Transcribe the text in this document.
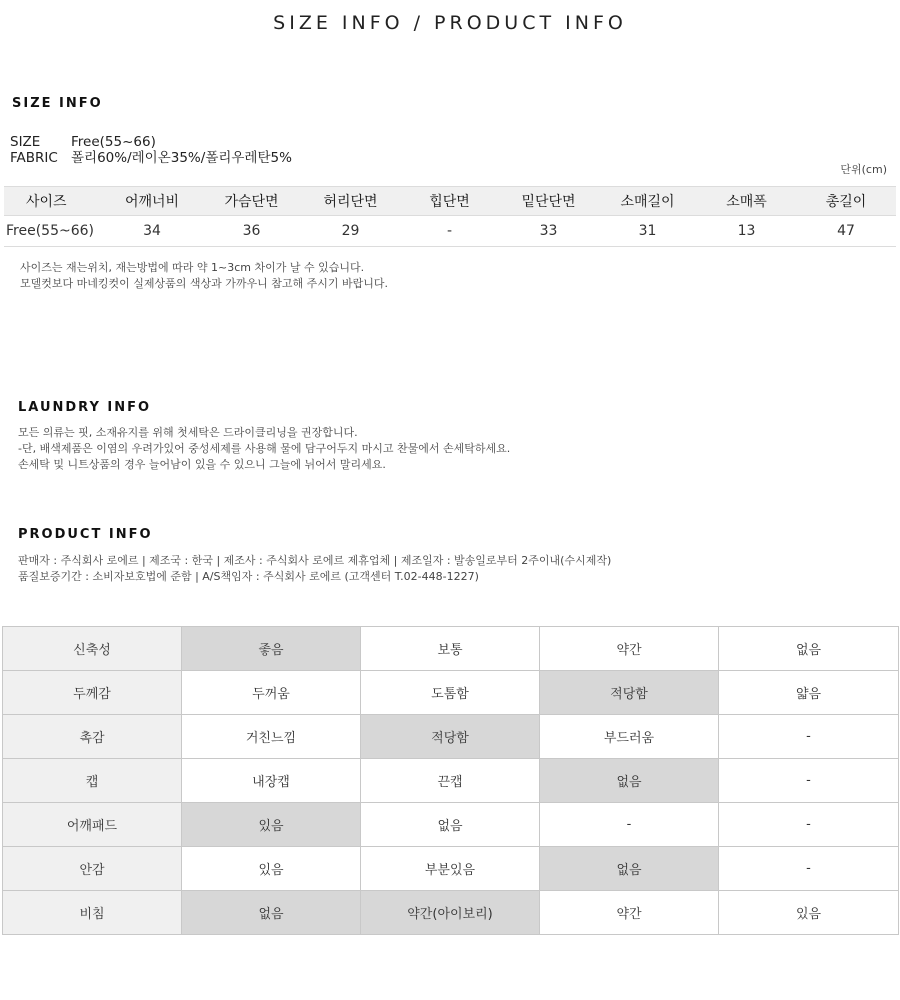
SIZE INFO / PRODUCT INFO
SIZE INFO
SIZE	Free(55~66)
FABRIC 폴리60%/레이온35%/폴리우레탄5%
단위(cm)
사이즈	어깨너비	가슴단면	허리단면	힙단면	밑단단면	소매길이	소매폭	총길이
Free(55~66)	34	36	29	-	33	31	13	47

사이즈는 재는위치, 재는방법에 따라 약 1~3cm 차이가 날 수 있습니다.

모델컷보다 마네킹컷이 실제상품의 색상과 가까우니 참고해 주시기 바랍니다.

LAUNDRY INFO

모든 의류는 핏, 소재유지를 위해 첫세탁은 드라이클리닝을 권장합니다.

-단, 배색제품은 이염의 우려가있어 중성세제를 사용해 물에 담구어두지 마시고 찬물에서 손세탁하세요.

손세탁 및 니트상품의 경우 늘어남이 있을 수 있으니 그늘에 뉘어서 말리세요.

PRODUCT INFO

판매자 : 주식회사 로에르 | 제조국 : 한국 | 제조사 : 주식회사 로에르 제휴업체 | 제조일자 : 발송일로부터 2주이내(수시제작)

품질보증기간 : 소비자보호법에 준함 | A/S책임자 : 주식회사 로에르 (고객센터 T.02-448-1227)

신축성	좋음	보통	약간	없음
두께감	두꺼움	도톰함	적당함	얇음
촉감	거친느낌	적당함	부드러움	-
캡	내장캡	끈캡	없음	-
어깨패드	있음	없음	-	-
안감	있음	부분있음	없음	-
비침	없음	약간(아이보리)	약간	있음
